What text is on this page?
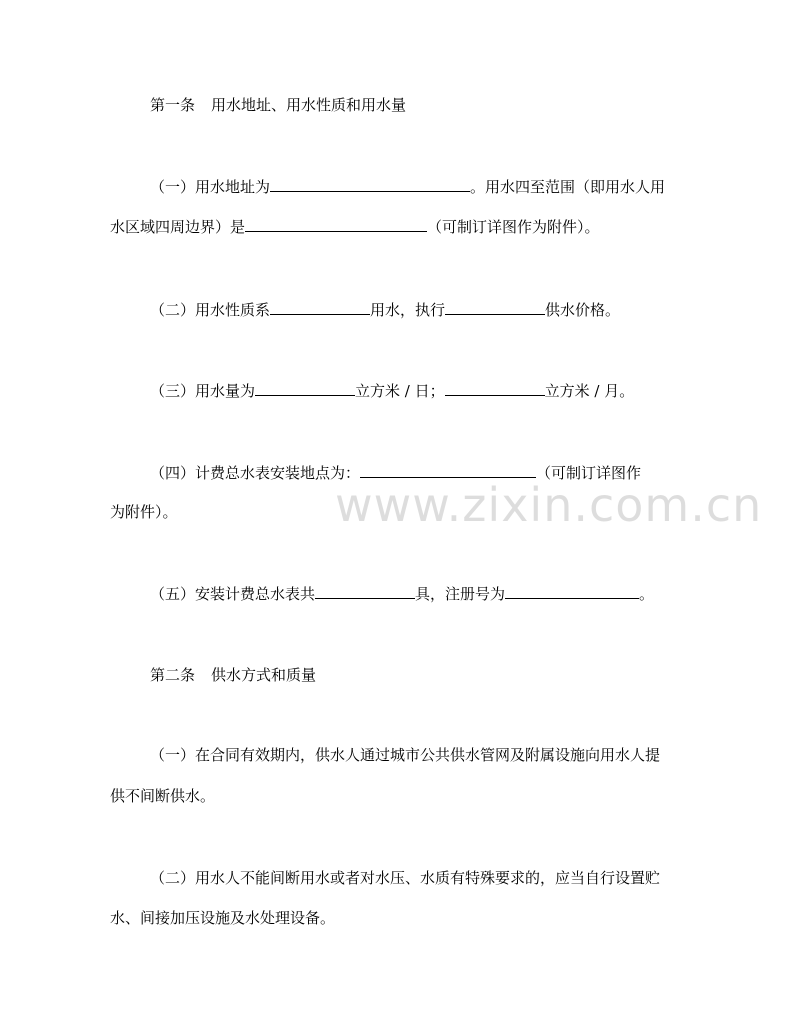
www.zixin.com.cn
第一条 用水地址、用水性质和用水量
（一）用水地址为	。用水四至范围（即用水人用
水区域四周边界）是	（可制订详图作为附件）。
（二）用水性质系	用水，执行	供水价格。
（三）用水量为	立方米 / 日；	立方米 / 月。
（四）计费总水表安装地点为：	（可制订详图作
为附件）。
（五）安装计费总水表共	具，注册号为	。
第二条 供水方式和质量
（一）在合同有效期内，供水人通过城市公共供水管网及附属设施向用水人提
供不间断供水。
（二）用水人不能间断用水或者对水压、水质有特殊要求的，应当自行设置贮
水、间接加压设施及水处理设备。
